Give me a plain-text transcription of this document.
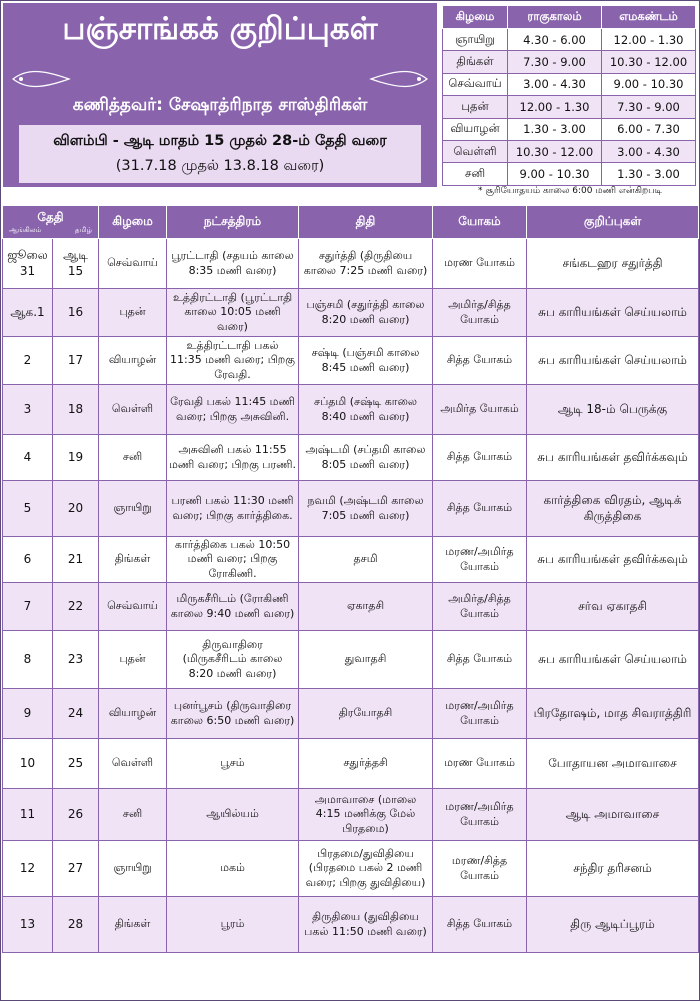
பஞ்சாங்கக் குறிப்புகள்
கணித்தவர்: சேஷாத்ரிநாத சாஸ்திரிகள்
விளம்பி - ஆடி மாதம் 15 முதல் 28-ம் தேதி வரை
(31.7.18 முதல் 13.8.18 வரை)
கிழமை	ராகுகாலம்	எமகண்டம்
ஞாயிறு	4.30 - 6.00	12.00 - 1.30
திங்கள்	7.30 - 9.00	10.30 - 12.00
செவ்வாய்	3.00 - 4.30	9.00 - 10.30
புதன்	12.00 - 1.30	7.30 - 9.00
வியாழன்	1.30 - 3.00	6.00 - 7.30
வெள்ளி	10.30 - 12.00	3.00 - 4.30
சனி	9.00 - 10.30	1.30 - 3.00
* சூரியோதயம் காலை 6:00 மணி என்கிறபடி
தேதி
ஆங்கிலம் தமிழ்		கிழமை	நட்சத்திரம்	திதி	யோகம்	குறிப்புகள்
ஜூலை 31	ஆடி 15	செவ்வாய்	பூரட்டாதி (சதயம் காலை 8:35 மணி வரை)	சதுர்த்தி (திருதியை காலை 7:25 மணி வரை)	மரண யோகம்	சங்கடஹர சதுர்த்தி
ஆக.1	16	புதன்	உத்திரட்டாதி (பூரட்டாதி காலை 10:05 மணி வரை)	பஞ்சமி (சதுர்த்தி காலை 8:20 மணி வரை)	அமிர்த/சித்த யோகம்	சுப காரியங்கள் செய்யலாம்
2	17	வியாழன்	உத்திரட்டாதி பகல் 11:35 மணி வரை; பிறகு ரேவதி.	சஷ்டி (பஞ்சமி காலை 8:45 மணி வரை)	சித்த யோகம்	சுப காரியங்கள் செய்யலாம்
3	18	வெள்ளி	ரேவதி பகல் 11:45 மணி வரை; பிறகு அசுவினி.	சப்தமி (சஷ்டி காலை 8:40 மணி வரை)	அமிர்த யோகம்	ஆடி 18-ம் பெருக்கு
4	19	சனி	அசுவினி பகல் 11:55 மணி வரை; பிறகு பரணி.	அஷ்டமி (சப்தமி காலை 8:05 மணி வரை)	சித்த யோகம்	சுப காரியங்கள் தவிர்க்கவும்
5	20	ஞாயிறு	பரணி பகல் 11:30 மணி வரை; பிறகு கார்த்திகை.	நவமி (அஷ்டமி காலை 7:05 மணி வரை)	சித்த யோகம்	கார்த்திகை விரதம், ஆடிக் கிருத்திகை
6	21	திங்கள்	கார்த்திகை பகல் 10:50 மணி வரை; பிறகு ரோகிணி.	தசமி	மரண/அமிர்த யோகம்	சுப காரியங்கள் தவிர்க்கவும்
7	22	செவ்வாய்	மிருகசீரிடம் (ரோகிணி காலை 9:40 மணி வரை)	ஏகாதசி	அமிர்த/சித்த யோகம்	சர்வ ஏகாதசி
8	23	புதன்	திருவாதிரை (மிருகசீரிடம் காலை 8:20 மணி வரை)	துவாதசி	சித்த யோகம்	சுப காரியங்கள் செய்யலாம்
9	24	வியாழன்	புனர்பூசம் (திருவாதிரை காலை 6:50 மணி வரை)	திரயோதசி	மரண/அமிர்த யோகம்	பிரதோஷம், மாத சிவராத்திரி
10	25	வெள்ளி	பூசம்	சதுர்த்தசி	மரண யோகம்	போதாயன அமாவாசை
11	26	சனி	ஆயில்யம்	அமாவாசை (மாலை 4:15 மணிக்கு மேல் பிரதமை)	மரண/அமிர்த யோகம்	ஆடி அமாவாசை
12	27	ஞாயிறு	மகம்	பிரதமை/துவிதியை (பிரதமை பகல் 2 மணி வரை; பிறகு துவிதியை)	மரண/சித்த யோகம்	சந்திர தரிசனம்
13	28	திங்கள்	பூரம்	திருதியை (துவிதியை பகல் 11:50 மணி வரை)	சித்த யோகம்	திரு ஆடிப்பூரம்
